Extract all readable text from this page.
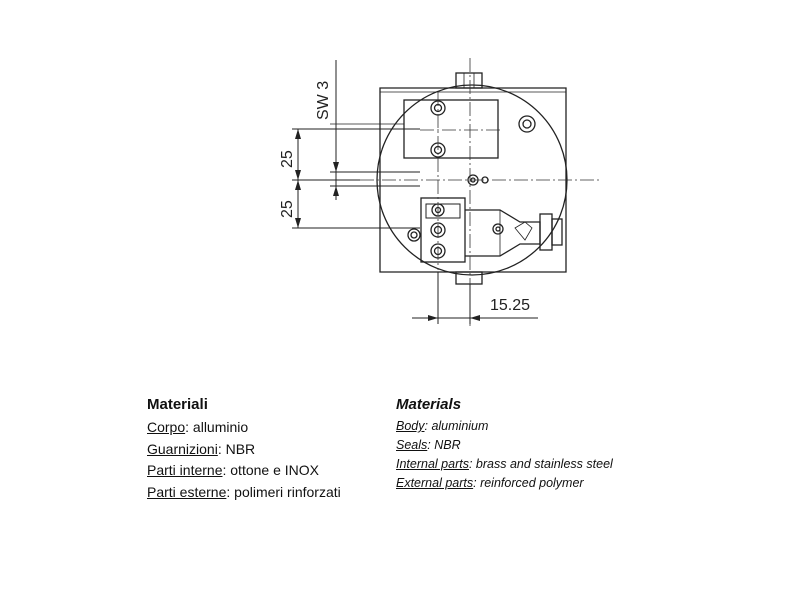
SW 3
25
25
15.25
Materiali
Corpo: alluminio
Guarnizioni: NBR
Parti interne: ottone e INOX
Parti esterne: polimeri rinforzati
Materials
Body: aluminium
Seals: NBR
Internal parts: brass and stainless steel
External parts: reinforced polymer
